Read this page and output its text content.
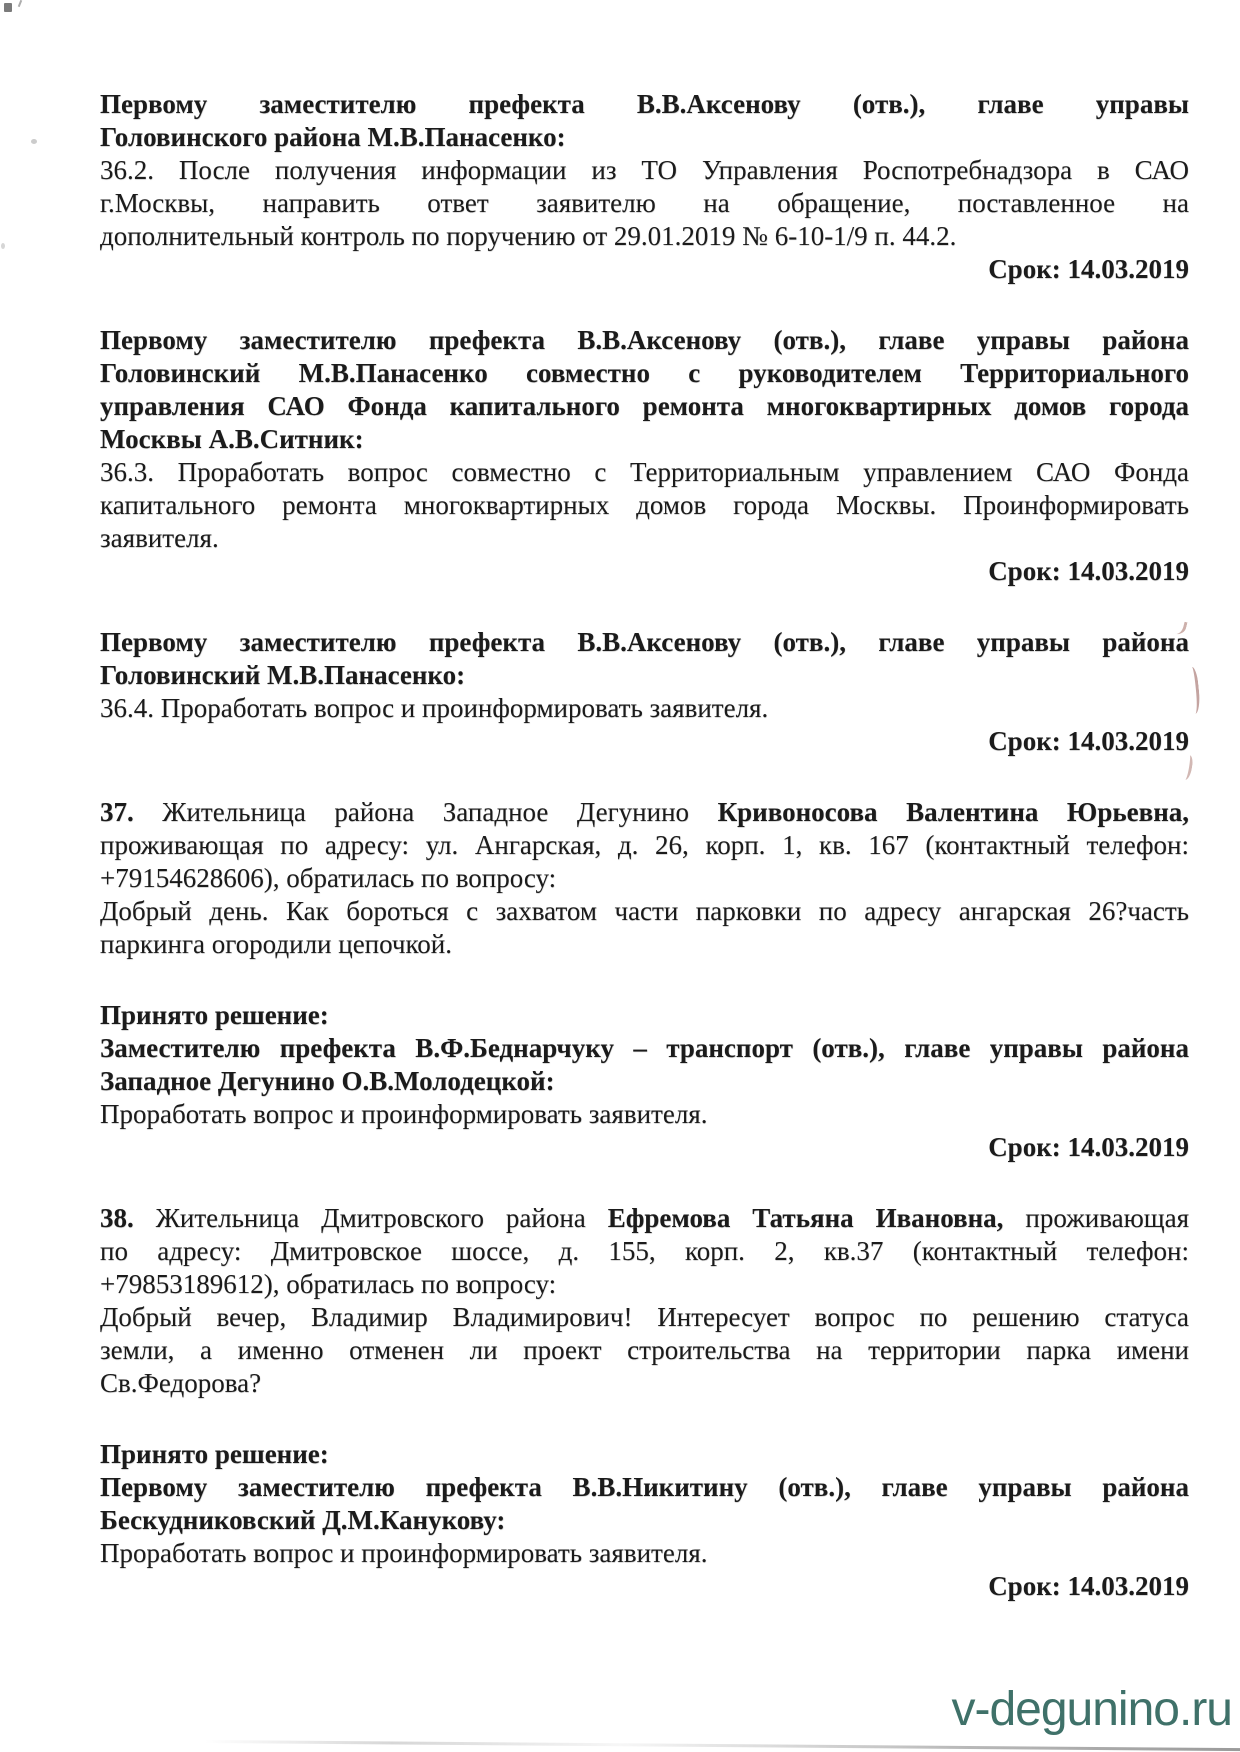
Первому заместителю префекта В.В.Аксенову (отв.), главе управы
Головинского района М.В.Панасенко:
36.2. После получения информации из ТО Управления Роспотребнадзора в САО
г.Москвы, направить ответ заявителю на обращение, поставленное на
дополнительный контроль по поручению от 29.01.2019 № 6-10-1/9 п. 44.2.
Срок: 14.03.2019
Первому заместителю префекта В.В.Аксенову (отв.), главе управы района
Головинский М.В.Панасенко совместно с руководителем Территориального
управления САО Фонда капитального ремонта многоквартирных домов города
Москвы А.В.Ситник:
36.3. Проработать вопрос совместно с Территориальным управлением САО Фонда
капитального ремонта многоквартирных домов города Москвы. Проинформировать
заявителя.
Срок: 14.03.2019
Первому заместителю префекта В.В.Аксенову (отв.), главе управы района
Головинский М.В.Панасенко:
36.4. Проработать вопрос и проинформировать заявителя.
Срок: 14.03.2019
37. Жительница района Западное Дегунино Кривоносова Валентина Юрьевна,
проживающая по адресу: ул. Ангарская, д. 26, корп. 1, кв. 167 (контактный телефон:
+79154628606), обратилась по вопросу:
Добрый день. Как бороться с захватом части парковки по адресу ангарская 26?часть
паркинга огородили цепочкой.
Принято решение:
Заместителю префекта В.Ф.Беднарчуку – транспорт (отв.), главе управы района
Западное Дегунино О.В.Молодецкой:
Проработать вопрос и проинформировать заявителя.
Срок: 14.03.2019
38. Жительница Дмитровского района Ефремова Татьяна Ивановна, проживающая
по адресу: Дмитровское шоссе, д. 155, корп. 2, кв.37 (контактный телефон:
+79853189612), обратилась по вопросу:
Добрый вечер, Владимир Владимирович! Интересует вопрос по решению статуса
земли, а именно отменен ли проект строительства на территории парка имени
Св.Федорова?
Принято решение:
Первому заместителю префекта В.В.Никитину (отв.), главе управы района
Бескудниковский Д.М.Канукову:
Проработать вопрос и проинформировать заявителя.
Срок: 14.03.2019
v-degunino.ru
